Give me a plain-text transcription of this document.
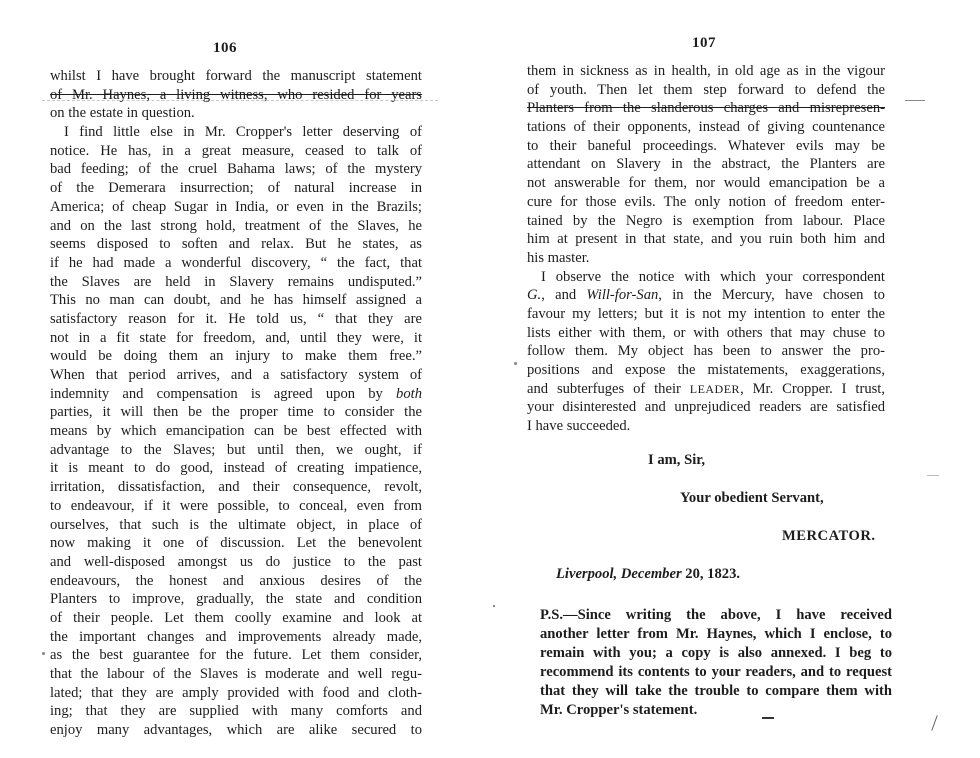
106
whilst I have brought forward the manuscript statement
of Mr. Haynes, a living witness, who resided for years
on the estate in question.
I find little else in Mr. Cropper's letter deserving of
notice. He has, in a great measure, ceased to talk of
bad feeding; of the cruel Bahama laws; of the mystery
of the Demerara insurrection; of natural increase in
America; of cheap Sugar in India, or even in the Brazils;
and on the last strong hold, treatment of the Slaves, he
seems disposed to soften and relax. But he states, as
if he had made a wonderful discovery, “ the fact, that
the Slaves are held in Slavery remains undisputed.”
This no man can doubt, and he has himself assigned a
satisfactory reason for it. He told us, “ that they are
not in a fit state for freedom, and, until they were, it
would be doing them an injury to make them free.”
When that period arrives, and a satisfactory system of
indemnity and compensation is agreed upon by both
parties, it will then be the proper time to consider the
means by which emancipation can be best effected with
advantage to the Slaves; but until then, we ought, if
it is meant to do good, instead of creating impatience,
irritation, dissatisfaction, and their consequence, revolt,
to endeavour, if it were possible, to conceal, even from
ourselves, that such is the ultimate object, in place of
now making it one of discussion. Let the benevolent
and well-disposed amongst us do justice to the past
endeavours, the honest and anxious desires of the
Planters to improve, gradually, the state and condition
of their people. Let them coolly examine and look at
the important changes and improvements already made,
as the best guarantee for the future. Let them consider,
that the labour of the Slaves is moderate and well regu-
lated; that they are amply provided with food and cloth-
ing; that they are supplied with many comforts and
enjoy many advantages, which are alike secured to
107
them in sickness as in health, in old age as in the vigour
of youth. Then let them step forward to defend the
Planters from the slanderous charges and misrepresen-
tations of their opponents, instead of giving countenance
to their baneful proceedings. Whatever evils may be
attendant on Slavery in the abstract, the Planters are
not answerable for them, nor would emancipation be a
cure for those evils. The only notion of freedom enter-
tained by the Negro is exemption from labour. Place
him at present in that state, and you ruin both him and
his master.
I observe the notice with which your correspondent
G., and Will-for-San, in the Mercury, have chosen to
favour my letters; but it is not my intention to enter the
lists either with them, or with others that may chuse to
follow them. My object has been to answer the pro-
positions and expose the mistatements, exaggerations,
and subterfuges of their LEADER, Mr. Cropper. I trust,
your disinterested and unprejudiced readers are satisfied
I have succeeded.
I am, Sir,
Your obedient Servant,
MERCATOR.
Liverpool, December 20, 1823.
P.S.—Since writing the above, I have received
another letter from Mr. Haynes, which I enclose, to
remain with you; a copy is also annexed. I beg to
recommend its contents to your readers, and to request
that they will take the trouble to compare them with
Mr. Cropper's statement.
